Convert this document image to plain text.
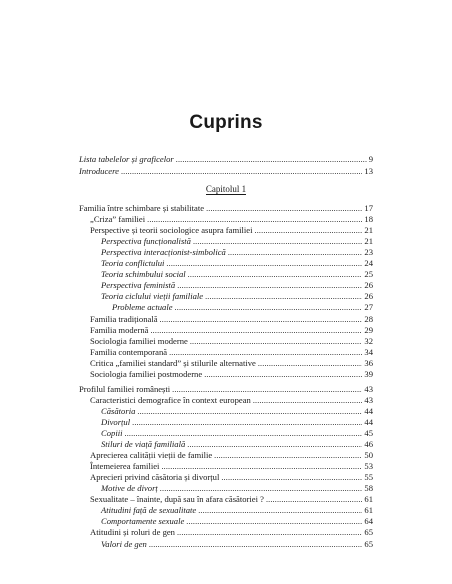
Cuprins
Lista tabelelor și graficelor . . .	9
Introducere . . .	13
Capitolul 1
Familia între schimbare și stabilitate . . .	17
„Criza” familiei . . .	18
Perspective și teorii sociologice asupra familiei . . .	21
Perspectiva funcționalistă . . .	21
Perspectiva interacționist-simbolică . . .	23
Teoria conflictului . . .	24
Teoria schimbului social . . .	25
Perspectiva feministă . . .	26
Teoria ciclului vieții familiale . . .	26
Probleme actuale . . .	27
Familia tradițională . . .	28
Familia modernă . . .	29
Sociologia familiei moderne . . .	32
Familia contemporană . . .	34
Critica „familiei standard” și stilurile alternative . . .	36
Sociologia familiei postmoderne . . .	39
Profilul familiei românești . . .	43
Caracteristici demografice în context european . . .	43
Căsătoria . . .	44
Divorțul . . .	44
Copiii . . .	45
Stiluri de viață familială . . .	46
Aprecierea calității vieții de familie . . .	50
Întemeierea familiei . . .	53
Aprecieri privind căsătoria și divorțul . . .	55
Motive de divorț . . .	58
Sexualitate – înainte, după sau în afara căsătoriei ? . . .	61
Atitudini față de sexualitate . . .	61
Comportamente sexuale . . .	64
Atitudini și roluri de gen . . .	65
Valori de gen . . .	65
